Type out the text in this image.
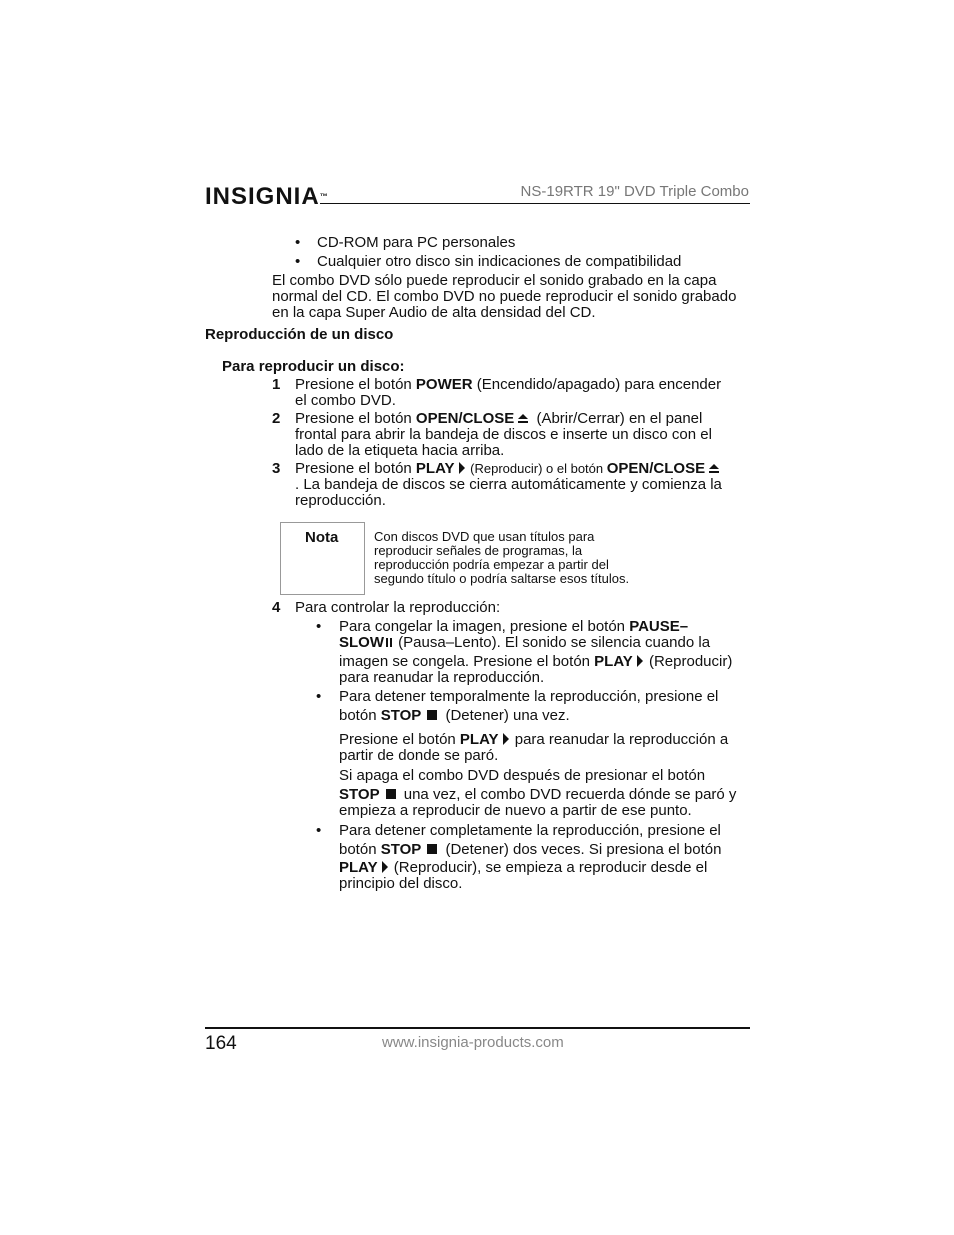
INSIGNIA™	NS-19RTR 19" DVD Triple Combo
• CD-ROM para PC personales
• Cualquier otro disco sin indicaciones de compatibilidad
El combo DVD sólo puede reproducir el sonido grabado en la capa
normal del CD. El combo DVD no puede reproducir el sonido grabado
en la capa Super Audio de alta densidad del CD.
Reproducción de un disco
Para reproducir un disco:
1 Presione el botón POWER (Encendido/apagado) para encender
el combo DVD.
2 Presione el botón OPEN/CLOSE
(Abrir/Cerrar) en el panel
frontal para abrir la bandeja de discos e inserte un disco con el
lado de la etiqueta hacia arriba.
3 Presione el botón PLAY (Reproducir) o el botón OPEN/CLOSE
. La bandeja de discos se cierra automáticamente y comienza la
reproducción.
Nota	Con discos DVD que usan títulos para
reproducir señales de programas, la
reproducción podría empezar a partir del
segundo título o podría saltarse esos títulos.
4 Para controlar la reproducción:
• Para congelar la imagen, presione el botón PAUSE–
SLOW (Pausa–Lento). El sonido se silencia cuando la
imagen se congela. Presione el botón PLAY (Reproducir)
para reanudar la reproducción.
• Para detener temporalmente la reproducción, presione el
botón STOP (Detener) una vez.
Presione el botón PLAY para reanudar la reproducción a
partir de donde se paró.
Si apaga el combo DVD después de presionar el botón
STOP una vez, el combo DVD recuerda dónde se paró y
empieza a reproducir de nuevo a partir de ese punto.
• Para detener completamente la reproducción, presione el
botón STOP (Detener) dos veces. Si presiona el botón
PLAY (Reproducir), se empieza a reproducir desde el
principio del disco.
164	www.insignia-products.com
